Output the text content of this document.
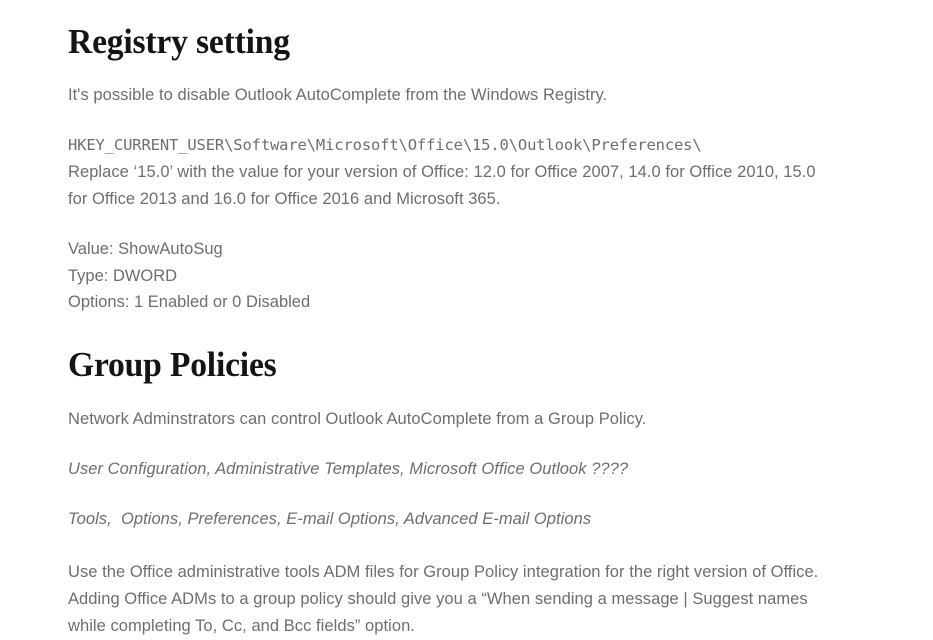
Registry setting

It's possible to disable Outlook AutoComplete from the Windows Registry.

HKEY_CURRENT_USER\Software\Microsoft\Office\15.0\Outlook\Preferences\

Replace ‘15.0’ with the value for your version of Office: 12.0 for Office 2007, 14.0 for Office 2010, 15.0 for Office 2013 and 16.0 for Office 2016 and Microsoft 365.

Value: ShowAutoSug
Type: DWORD
Options: 1 Enabled or 0 Disabled
Group Policies

Network Adminstrators can control Outlook AutoComplete from a Group Policy.

User Configuration, Administrative Templates, Microsoft Office Outlook ????

Tools,  Options, Preferences, E-mail Options, Advanced E-mail Options

Use the Office administrative tools ADM files for Group Policy integration for the right version of Office. Adding Office ADMs to a group policy should give you a “When sending a message | Suggest names while completing To, Cc, and Bcc fields” option.
